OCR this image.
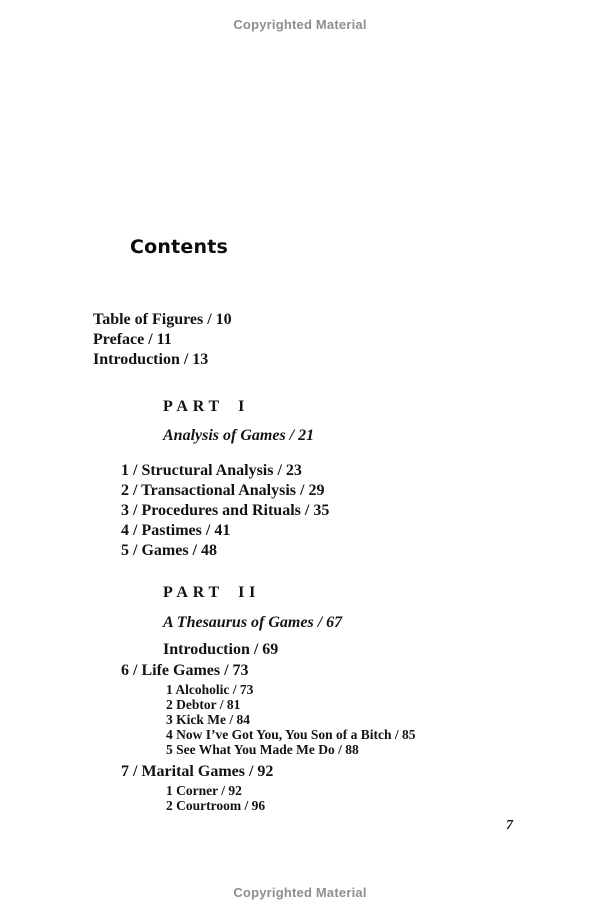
Copyrighted Material
Contents
Table of Figures / 10
Preface / 11
Introduction / 13
PART I
Analysis of Games / 21
1 / Structural Analysis / 23
2 / Transactional Analysis / 29
3 / Procedures and Rituals / 35
4 / Pastimes / 41
5 / Games / 48
PART II
A Thesaurus of Games / 67
Introduction / 69
6 / Life Games / 73
1 Alcoholic / 73
2 Debtor / 81
3 Kick Me / 84
4 Now I’ve Got You, You Son of a Bitch / 85
5 See What You Made Me Do / 88
7 / Marital Games / 92
1 Corner / 92
2 Courtroom / 96
7
Copyrighted Material
